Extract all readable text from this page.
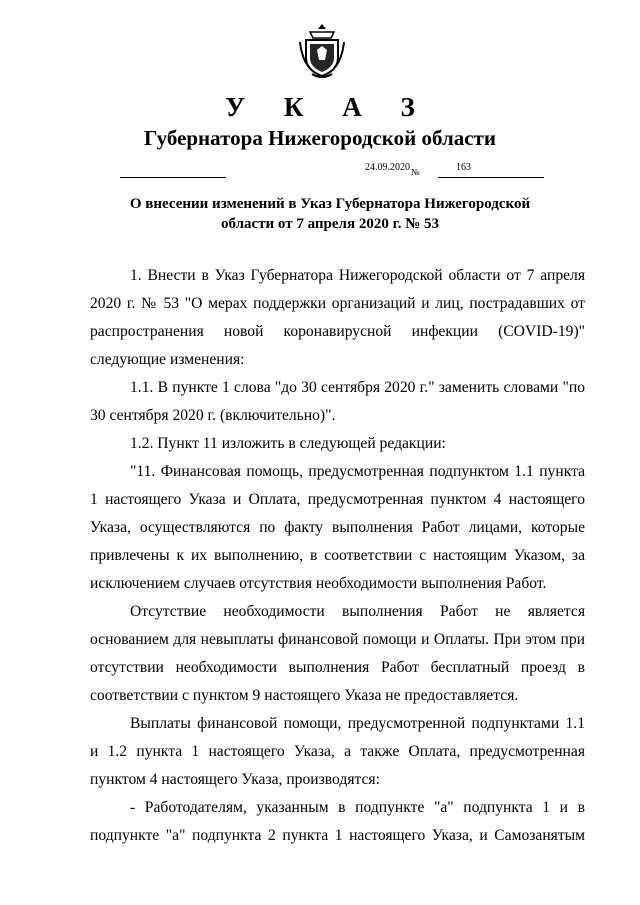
У К А З
Губернатора Нижегородской области
24.09.2020 №	163
О внесении изменений в Указ Губернатора Нижегородской
области от 7 апреля 2020 г. № 53

1. Внести в Указ Губернатора Нижегородской области от 7 апреля 2020 г. № 53 "О мерах поддержки организаций и лиц, пострадавших от распространения новой коронавирусной инфекции (COVID-19)" следующие изменения:

1.1. В пункте 1 слова "до 30 сентября 2020 г." заменить словами "по 30 сентября 2020 г. (включительно)".

1.2. Пункт 11 изложить в следующей редакции:

"11. Финансовая помощь, предусмотренная подпунктом 1.1 пункта 1 настоящего Указа и Оплата, предусмотренная пунктом 4 настоящего Указа, осуществляются по факту выполнения Работ лицами, которые привлечены к их выполнению, в соответствии с настоящим Указом, за исключением случаев отсутствия необходимости выполнения Работ.

Отсутствие необходимости выполнения Работ не является основанием для невыплаты финансовой помощи и Оплаты. При этом при отсутствии необходимости выполнения Работ бесплатный проезд в соответствии с пунктом 9 настоящего Указа не предоставляется.

Выплаты финансовой помощи, предусмотренной подпунктами 1.1 и 1.2 пункта 1 настоящего Указа, а также Оплата, предусмотренная пунктом 4 настоящего Указа, производятся:

- Работодателям, указанным в подпункте "а" подпункта 1 и в подпункте "а" подпункта 2 пункта 1 настоящего Указа, и Самозанятым
